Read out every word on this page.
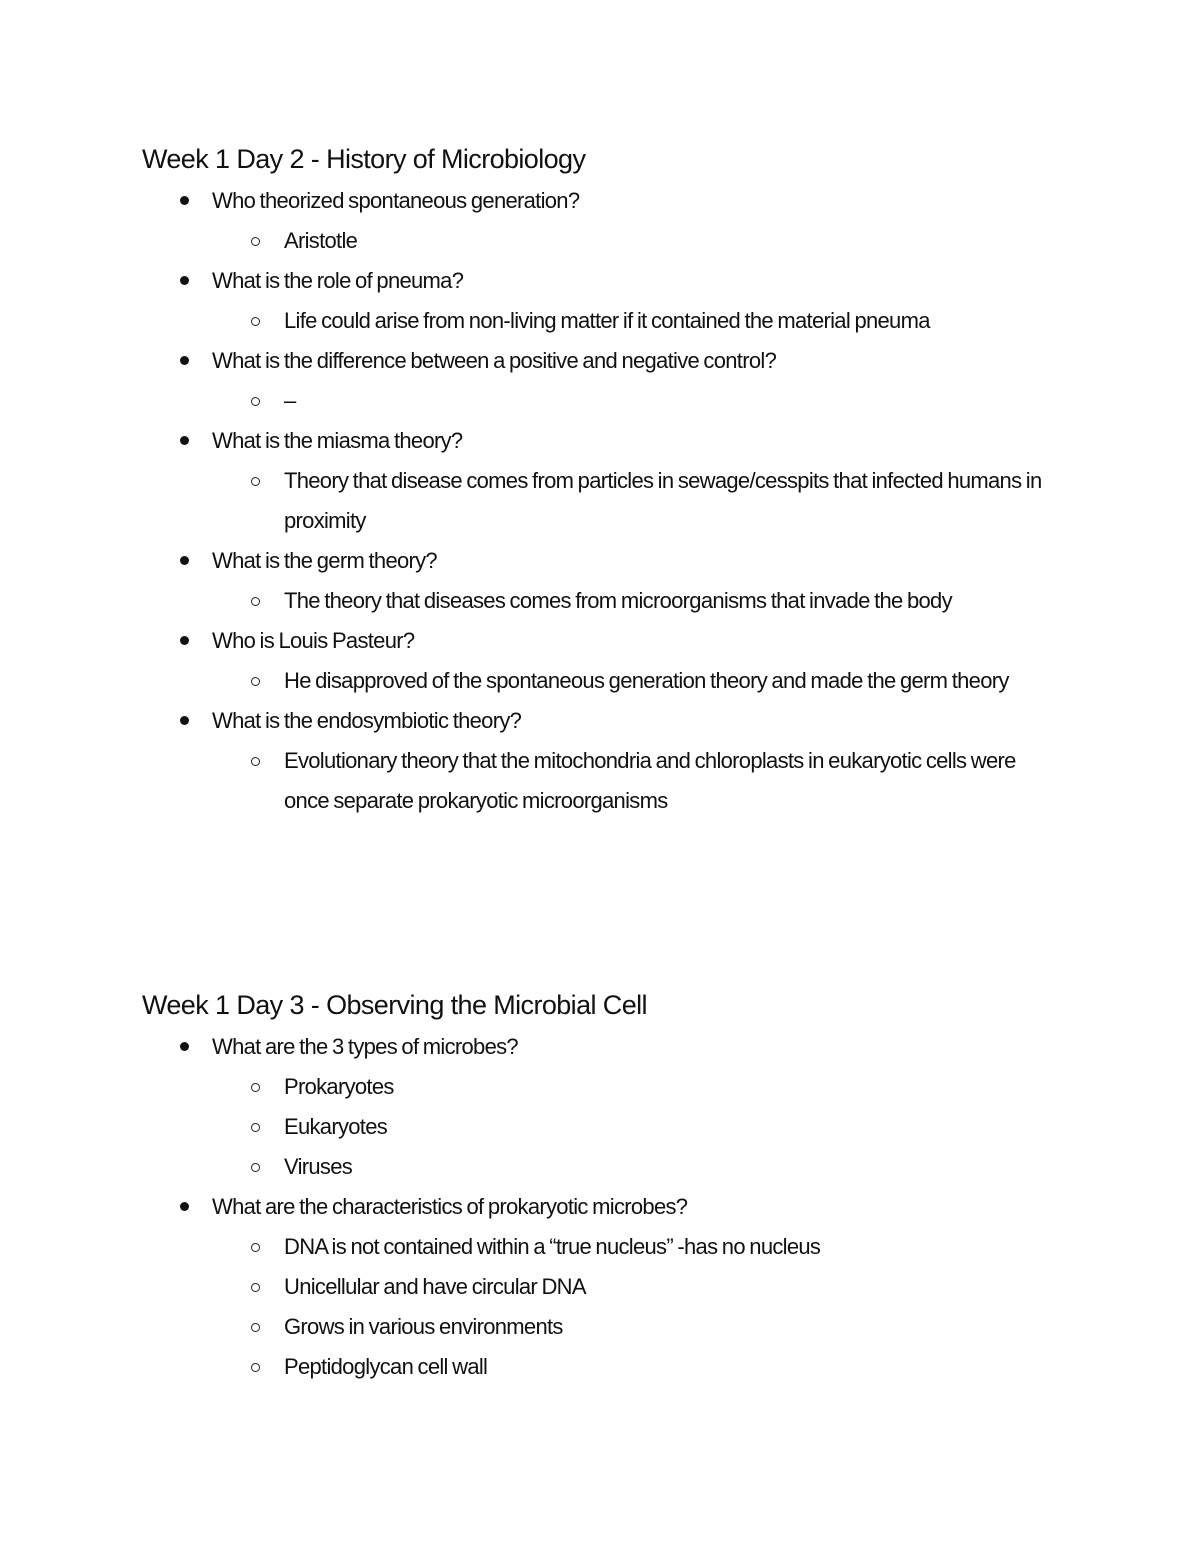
Week 1 Day 2 - History of Microbiology
Who theorized spontaneous generation?
Aristotle
What is the role of pneuma?
Life could arise from non-living matter if it contained the material pneuma
What is the difference between a positive and negative control?
–
What is the miasma theory?
Theory that disease comes from particles in sewage/cesspits that infected humans in proximity
What is the germ theory?
The theory that diseases comes from microorganisms that invade the body
Who is Louis Pasteur?
He disapproved of the spontaneous generation theory and made the germ theory
What is the endosymbiotic theory?
Evolutionary theory that the mitochondria and chloroplasts in eukaryotic cells were once separate prokaryotic microorganisms
Week 1 Day 3 - Observing the Microbial Cell
What are the 3 types of microbes?
Prokaryotes
Eukaryotes
Viruses
What are the characteristics of prokaryotic microbes?
DNA is not contained within a “true nucleus” -has no nucleus
Unicellular and have circular DNA
Grows in various environments
Peptidoglycan cell wall
